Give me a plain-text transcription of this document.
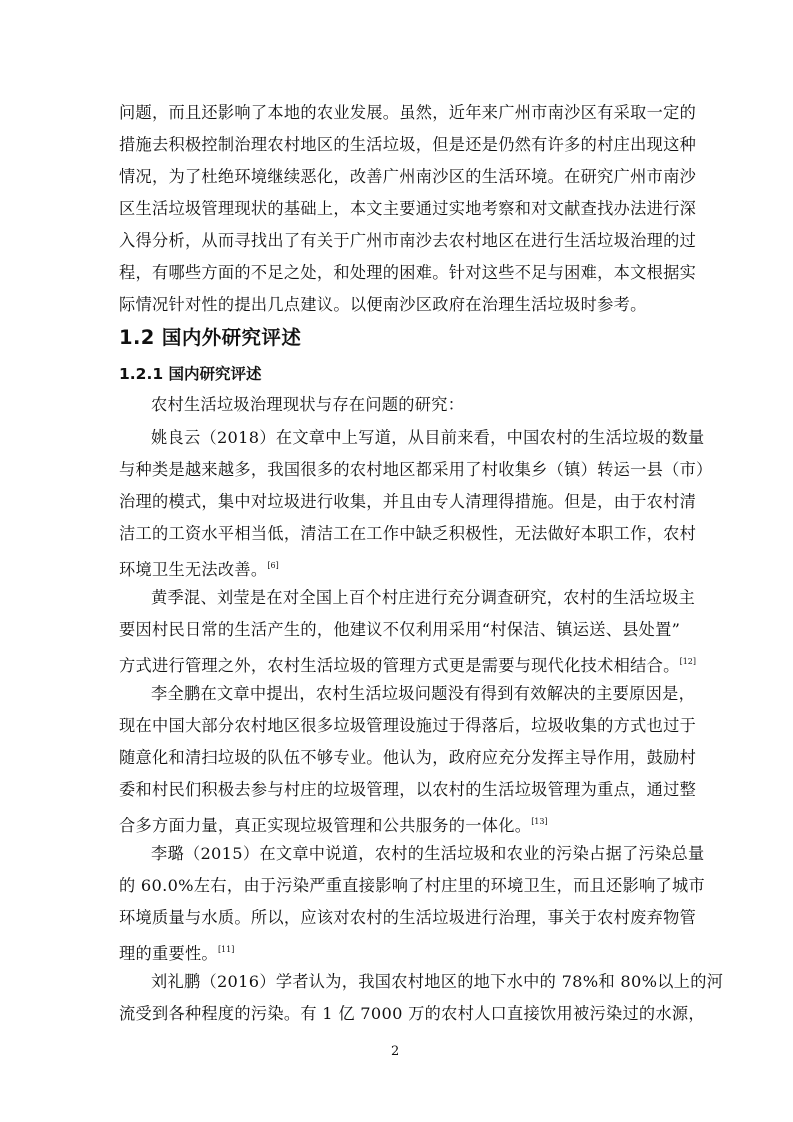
问题，而且还影响了本地的农业发展。虽然，近年来广州市南沙区有采取一定的
措施去积极控制治理农村地区的生活垃圾，但是还是仍然有许多的村庄出现这种
情况，为了杜绝环境继续恶化，改善广州南沙区的生活环境。在研究广州市南沙
区生活垃圾管理现状的基础上，本文主要通过实地考察和对文献查找办法进行深
入得分析，从而寻找出了有关于广州市南沙去农村地区在进行生活垃圾治理的过
程，有哪些方面的不足之处，和处理的困难。针对这些不足与困难，本文根据实
际情况针对性的提出几点建议。以便南沙区政府在治理生活垃圾时参考。
1.2 国内外研究评述
1.2.1 国内研究评述
农村生活垃圾治理现状与存在问题的研究：
姚良云（2018）在文章中上写道，从目前来看，中国农村的生活垃圾的数量
与种类是越来越多，我国很多的农村地区都采用了村收集乡（镇）转运一县（市）
治理的模式，集中对垃圾进行收集，并且由专人清理得措施。但是，由于农村清
洁工的工资水平相当低，清洁工在工作中缺乏积极性，无法做好本职工作，农村
环境卫生无法改善。[6]
黄季混、刘莹是在对全国上百个村庄进行充分调查研究，农村的生活垃圾主
要因村民日常的生活产生的，他建议不仅利用采用“村保洁、镇运送、县处置”
方式进行管理之外，农村生活垃圾的管理方式更是需要与现代化技术相结合。[12]
李全鹏在文章中提出，农村生活垃圾问题没有得到有效解决的主要原因是，
现在中国大部分农村地区很多垃圾管理设施过于得落后，垃圾收集的方式也过于
随意化和清扫垃圾的队伍不够专业。他认为，政府应充分发挥主导作用，鼓励村
委和村民们积极去参与村庄的垃圾管理，以农村的生活垃圾管理为重点，通过整
合多方面力量，真正实现垃圾管理和公共服务的一体化。[13]
李璐（2015）在文章中说道，农村的生活垃圾和农业的污染占据了污染总量
的 60.0%左右，由于污染严重直接影响了村庄里的环境卫生，而且还影响了城市
环境质量与水质。所以，应该对农村的生活垃圾进行治理，事关于农村废弃物管
理的重要性。[11]
刘礼鹏（2016）学者认为，我国农村地区的地下水中的 78%和 80%以上的河
流受到各种程度的污染。有 1 亿 7000 万的农村人口直接饮用被污染过的水源，
2
